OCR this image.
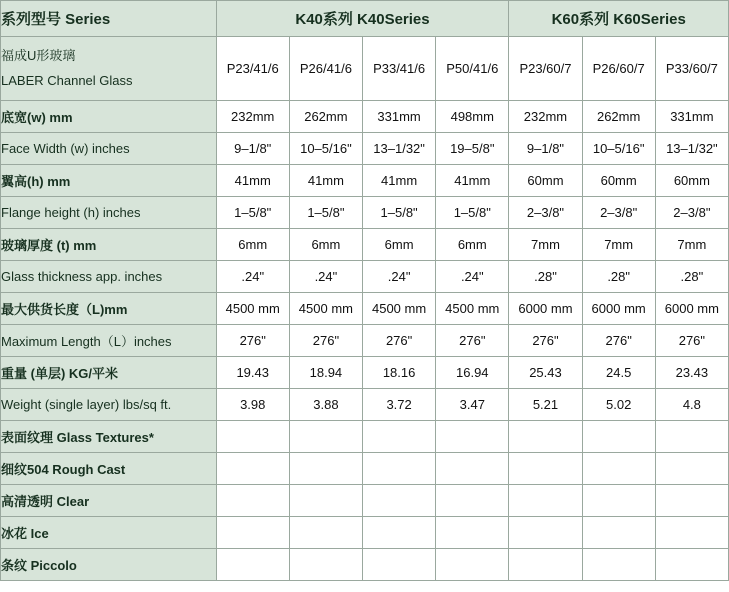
系列型号 Series	K40系列 K40Series				K60系列 K60Series		

福成U形玻璃
LABER Channel Glass	P23/41/6	P26/41/6	P33/41/6	P50/41/6	P23/60/7	P26/60/7	P33/60/7
底宽(w) mm	232mm	262mm	331mm	498mm	232mm	262mm	331mm
Face Width (w) inches	9–1/8"	10–5/16"	13–1/32"	19–5/8"	9–1/8"	10–5/16"	13–1/32"
翼高(h) mm	41mm	41mm	41mm	41mm	60mm	60mm	60mm
Flange height (h) inches	1–5/8"	1–5/8"	1–5/8"	1–5/8"	2–3/8"	2–3/8"	2–3/8"
玻璃厚度 (t) mm	6mm	6mm	6mm	6mm	7mm	7mm	7mm
Glass thickness app. inches	.24"	.24"	.24"	.24"	.28"	.28"	.28"
最大供货长度（L)mm	4500 mm	4500 mm	4500 mm	4500 mm	6000 mm	6000 mm	6000 mm
Maximum Length（L）inches	276"	276"	276"	276"	276"	276"	276"
重量 (单层) KG/平米	19.43	18.94	18.16	16.94	25.43	24.5	23.43
Weight (single layer) lbs/sq ft.	3.98	3.88	3.72	3.47	5.21	5.02	4.8
表面纹理 Glass Textures*							
细纹504 Rough Cast							
高清透明 Clear							
冰花 Ice							
条纹 Piccolo							
